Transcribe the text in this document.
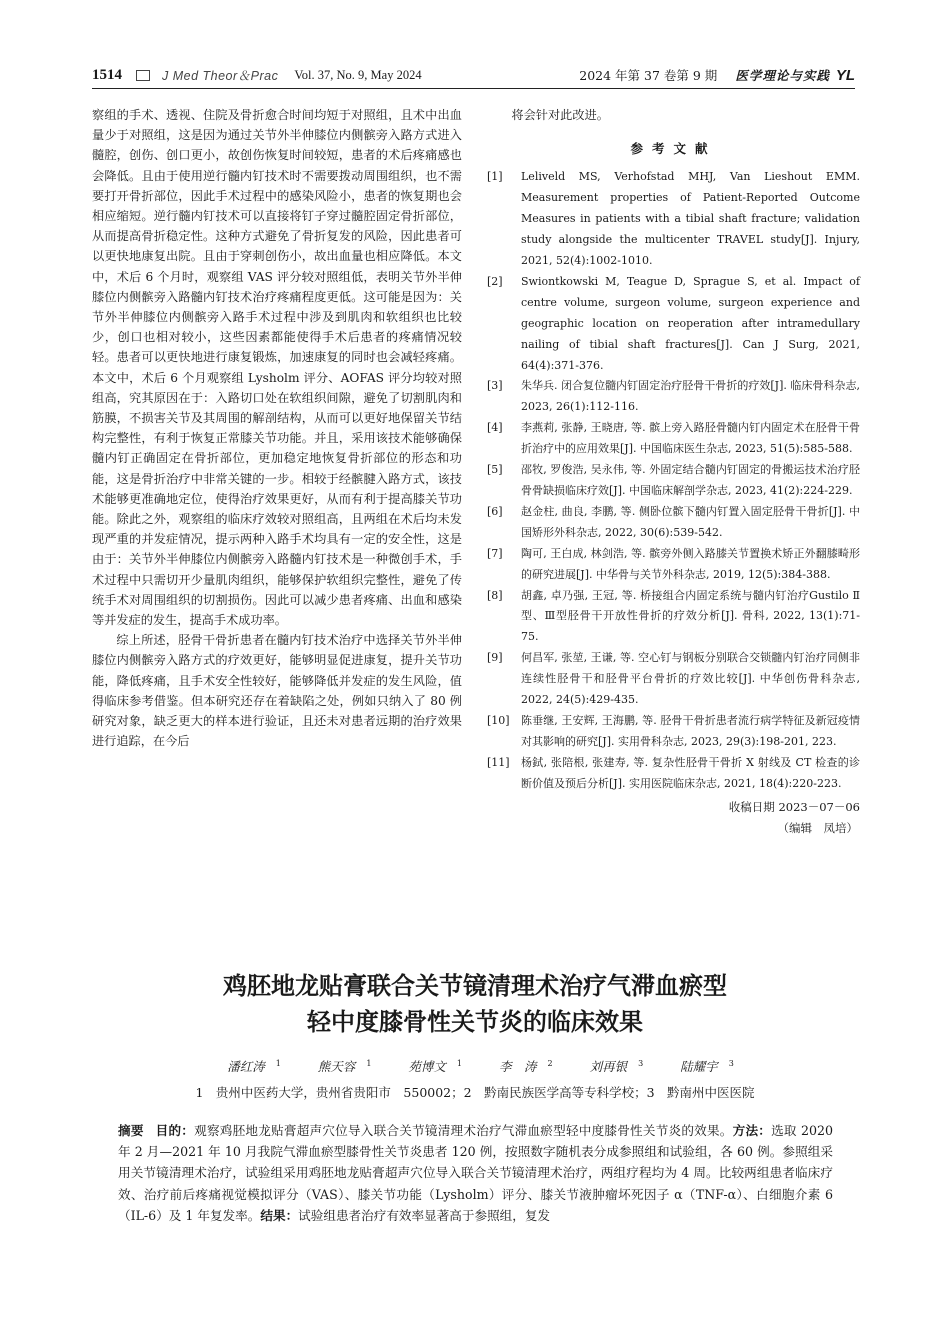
1514	J Med Theor＆Prac Vol. 37, No. 9, May 2024	2024 年第 37 卷第 9 期 医学理论与实践 YL

察组的手术、透视、住院及骨折愈合时间均短于对照组，且术中出血量少于对照组，这是因为通过关节外半伸膝位内侧髌旁入路方式进入髓腔，创伤、创口更小，故创伤恢复时间较短，患者的术后疼痛感也会降低。且由于使用逆行髓内钉技术时不需要拨动周围组织，也不需要打开骨折部位，因此手术过程中的感染风险小，患者的恢复期也会相应缩短。逆行髓内钉技术可以直接将钉子穿过髓腔固定骨折部位，从而提高骨折稳定性。这种方式避免了骨折复发的风险，因此患者可以更快地康复出院。且由于穿刺创伤小，故出血量也相应降低。本文中，术后 6 个月时，观察组 VAS 评分较对照组低，表明关节外半伸膝位内侧髌旁入路髓内钉技术治疗疼痛程度更低。这可能是因为：关节外半伸膝位内侧髌旁入路手术过程中涉及到肌肉和软组织也比较少，创口也相对较小，这些因素都能使得手术后患者的疼痛情况较轻。患者可以更快地进行康复锻炼，加速康复的同时也会减轻疼痛。本文中，术后 6 个月观察组 Lysholm 评分、AOFAS 评分均较对照组高，究其原因在于：入路切口处在软组织间隙，避免了切割肌肉和筋膜，不损害关节及其周围的解剖结构，从而可以更好地保留关节结构完整性，有利于恢复正常膝关节功能。并且，采用该技术能够确保髓内钉正确固定在骨折部位，更加稳定地恢复骨折部位的形态和功能，这是骨折治疗中非常关键的一步。相较于经髌腱入路方式，该技术能够更准确地定位，使得治疗效果更好，从而有利于提高膝关节功能。除此之外，观察组的临床疗效较对照组高，且两组在术后均未发现严重的并发症情况，提示两种入路手术均具有一定的安全性，这是由于：关节外半伸膝位内侧髌旁入路髓内钉技术是一种微创手术，手术过程中只需切开少量肌肉组织，能够保护软组织完整性，避免了传统手术对周围组织的切割损伤。因此可以减少患者疼痛、出血和感染等并发症的发生，提高手术成功率。

综上所述，胫骨干骨折患者在髓内钉技术治疗中选择关节外半伸膝位内侧髌旁入路方式的疗效更好，能够明显促进康复，提升关节功能，降低疼痛，且手术安全性较好，能够降低并发症的发生风险，值得临床参考借鉴。但本研究还存在着缺陷之处，例如只纳入了 80 例研究对象，缺乏更大的样本进行验证，且还未对患者远期的治疗效果进行追踪，在今后

将会针对此改进。

参考文献
[1]	Leliveld MS, Verhofstad MHJ, Van Lieshout EMM. Measurement properties of Patient-Reported Outcome Measures in patients with a tibial shaft fracture; validation study alongside the multicenter TRAVEL study[J]. Injury, 2021, 52(4):1002-1010.
[2]	Swiontkowski M, Teague D, Sprague S, et al. Impact of centre volume, surgeon volume, surgeon experience and geographic location on reoperation after intramedullary nailing of tibial shaft fractures[J]. Can J Surg, 2021, 64(4):371-376.
[3]	朱华兵. 闭合复位髓内钉固定治疗胫骨干骨折的疗效[J]. 临床骨科杂志, 2023, 26(1):112-116.
[4]	李燕莉, 张静, 王晓唐, 等. 髌上旁入路胫骨髓内钉内固定术在胫骨干骨折治疗中的应用效果[J]. 中国临床医生杂志, 2023, 51(5):585-588.
[5]	邵牧, 罗俊浩, 吴永伟, 等. 外固定结合髓内钉固定的骨搬运技术治疗胫骨骨缺损临床疗效[J]. 中国临床解剖学杂志, 2023, 41(2):224-229.
[6]	赵金柱, 曲良, 李鹏, 等. 侧卧位髌下髓内钉置入固定胫骨干骨折[J]. 中国矫形外科杂志, 2022, 30(6):539-542.
[7]	陶可, 王白成, 林剑浩, 等. 髌旁外侧入路膝关节置换术矫正外翻膝畸形的研究进展[J]. 中华骨与关节外科杂志, 2019, 12(5):384-388.
[8]	胡鑫, 卓乃强, 王冠, 等. 桥接组合内固定系统与髓内钉治疗Gustilo Ⅱ型、Ⅲ型胫骨干开放性骨折的疗效分析[J]. 骨科, 2022, 13(1):71-75.
[9]	何昌军, 张堃, 王谦, 等. 空心钉与钢板分别联合交锁髓内钉治疗同侧非连续性胫骨干和胫骨平台骨折的疗效比较[J]. 中华创伤骨科杂志, 2022, 24(5):429-435.
[10]	陈垂继, 王安辉, 王海鹏, 等. 胫骨干骨折患者流行病学特征及新冠疫情对其影响的研究[J]. 实用骨科杂志, 2023, 29(3):198-201, 223.
[11]	杨鉽, 张陪根, 张建寿, 等. 复杂性胫骨干骨折 X 射线及 CT 检查的诊断价值及预后分析[J]. 实用医院临床杂志, 2021, 18(4):220-223.
收稿日期 2023－07－06
（编辑　凤培）
鸡胚地龙贴膏联合关节镜清理术治疗气滞血瘀型
轻中度膝骨性关节炎的临床效果
潘红涛 $^1$	熊天容 $^1$	苑博文 $^1$	李　涛 $^2$	刘再银 $^3$	陆耀宇 $^3$
1　贵州中医药大学，贵州省贵阳市　550002；2　黔南民族医学高等专科学校；3　黔南州中医医院
摘要 目的：观察鸡胚地龙贴膏超声穴位导入联合关节镜清理术治疗气滞血瘀型轻中度膝骨性关节炎的效果。方法：选取 2020 年 2 月—2021 年 10 月我院气滞血瘀型膝骨性关节炎患者 120 例，按照数字随机表分成参照组和试验组，各 60 例。参照组采用关节镜清理术治疗，试验组采用鸡胚地龙贴膏超声穴位导入联合关节镜清理术治疗，两组疗程均为 4 周。比较两组患者临床疗效、治疗前后疼痛视觉模拟评分（VAS）、膝关节功能（Lysholm）评分、膝关节液肿瘤坏死因子 α（TNF-α）、白细胞介素 6（IL-6）及 1 年复发率。结果：试验组患者治疗有效率显著高于参照组，复发
